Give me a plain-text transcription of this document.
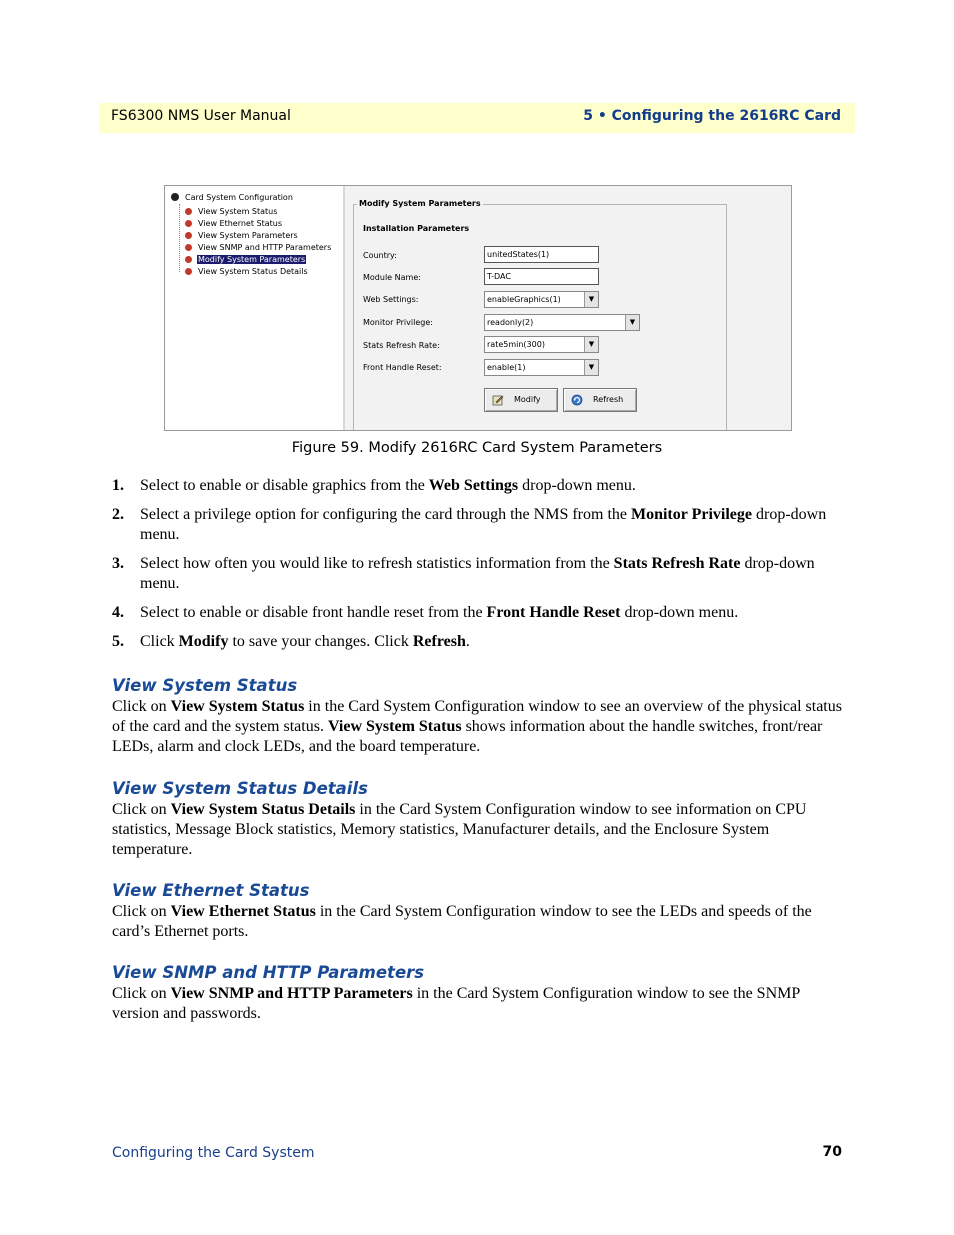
FS6300 NMS User Manual	5 • Configuring the 2616RC Card
Card System Configuration
View System Status
View Ethernet Status
View System Parameters
View SNMP and HTTP Parameters
Modify System Parameters
View System Status Details
Modify System Parameters
Installation Parameters
Country:	unitedStates(1)
Module Name:	T-DAC
Web Settings:	enableGraphics(1)	▼
Monitor Privilege:	readonly(2)	▼
Stats Refresh Rate:	rate5min(300)	▼
Front Handle Reset:	enable(1)	▼
Modify	Refresh
Figure 59. Modify 2616RC Card System Parameters
1. Select to enable or disable graphics from the Web Settings drop-down menu.
2. Select a privilege option for configuring the card through the NMS from the Monitor Privilege drop-down menu.
3. Select how often you would like to refresh statistics information from the Stats Refresh Rate drop-down menu.
4. Select to enable or disable front handle reset from the Front Handle Reset drop-down menu.
5. Click Modify to save your changes. Click Refresh.
View System Status

Click on View System Status in the Card System Configuration window to see an overview of the physical status of the card and the system status. View System Status shows information about the handle switches, front/rear LEDs, alarm and clock LEDs, and the board temperature.

View System Status Details

Click on View System Status Details in the Card System Configuration window to see information on CPU statistics, Message Block statistics, Memory statistics, Manufacturer details, and the Enclosure System temperature.

View Ethernet Status

Click on View Ethernet Status in the Card System Configuration window to see the LEDs and speeds of the card’s Ethernet ports.

View SNMP and HTTP Parameters

Click on View SNMP and HTTP Parameters in the Card System Configuration window to see the SNMP version and passwords.

Configuring the Card System	70
